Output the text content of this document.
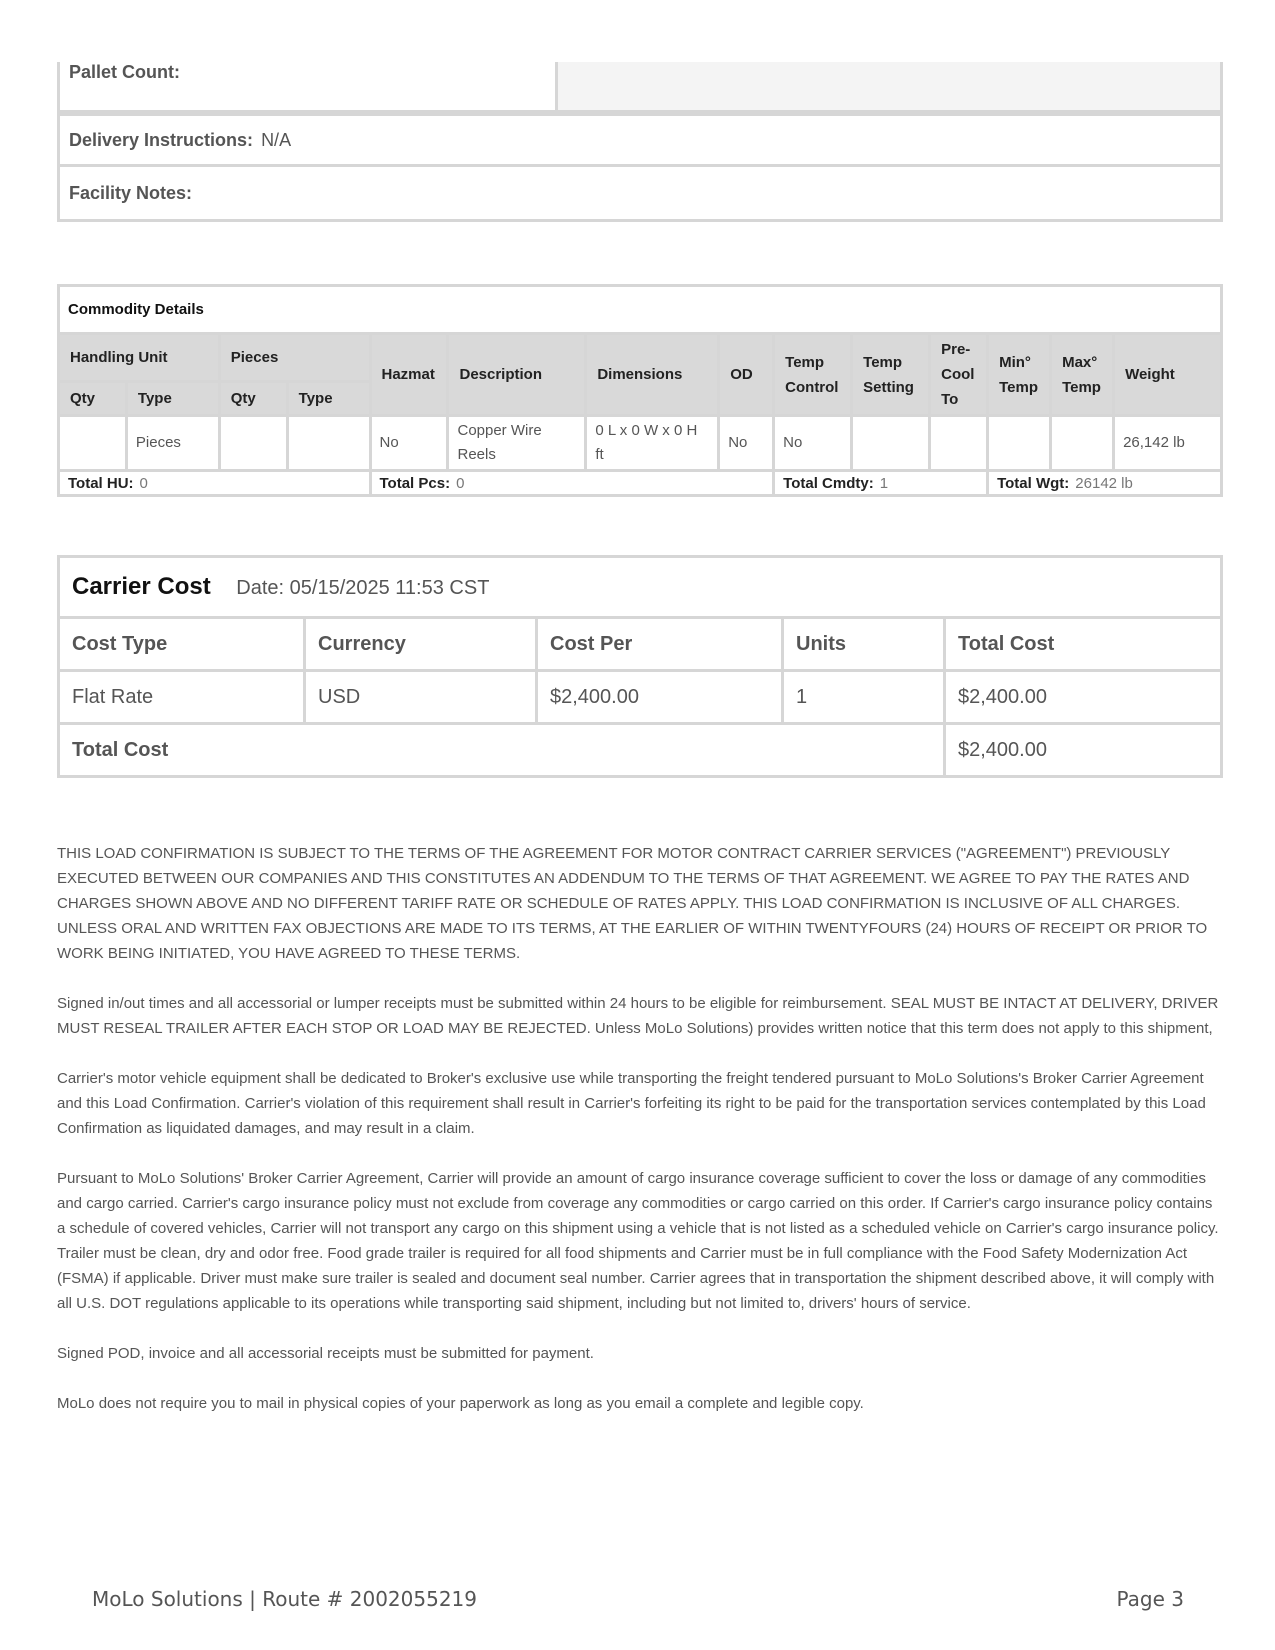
Pallet Count:
Delivery Instructions: N/A
Facility Notes:
Commodity Details													
Handling Unit		Pieces		Hazmat	Description	Dimensions	OD	Temp Control	Temp Setting	Pre-Cool To	Min° Temp	Max° Temp	Weight
Qty	Type	Qty	Type										
	Pieces			No	Copper Wire Reels	0 L x 0 W x 0 H ft	No	No					26,142 lb
Total HU: 0				Total Pcs: 0				Total Cmdty: 1			Total Wgt: 26142 lb		
Carrier Cost Date: 05/15/2025 11:53 CST				
Cost Type	Currency	Cost Per	Units	Total Cost
Flat Rate	USD	$2,400.00	1	$2,400.00
Total Cost				$2,400.00

THIS LOAD CONFIRMATION IS SUBJECT TO THE TERMS OF THE AGREEMENT FOR MOTOR CONTRACT CARRIER SERVICES ("AGREEMENT") PREVIOUSLY EXECUTED BETWEEN OUR COMPANIES AND THIS CONSTITUTES AN ADDENDUM TO THE TERMS OF THAT AGREEMENT. WE AGREE TO PAY THE RATES AND CHARGES SHOWN ABOVE AND NO DIFFERENT TARIFF RATE OR SCHEDULE OF RATES APPLY. THIS LOAD CONFIRMATION IS INCLUSIVE OF ALL CHARGES. UNLESS ORAL AND WRITTEN FAX OBJECTIONS ARE MADE TO ITS TERMS, AT THE EARLIER OF WITHIN TWENTYFOURS (24) HOURS OF RECEIPT OR PRIOR TO WORK BEING INITIATED, YOU HAVE AGREED TO THESE TERMS.

Signed in/out times and all accessorial or lumper receipts must be submitted within 24 hours to be eligible for reimbursement. SEAL MUST BE INTACT AT DELIVERY, DRIVER MUST RESEAL TRAILER AFTER EACH STOP OR LOAD MAY BE REJECTED. Unless MoLo Solutions) provides written notice that this term does not apply to this shipment,

Carrier's motor vehicle equipment shall be dedicated to Broker's exclusive use while transporting the freight tendered pursuant to MoLo Solutions's Broker Carrier Agreement and this Load Confirmation. Carrier's violation of this requirement shall result in Carrier's forfeiting its right to be paid for the transportation services contemplated by this Load Confirmation as liquidated damages, and may result in a claim.

Pursuant to MoLo Solutions' Broker Carrier Agreement, Carrier will provide an amount of cargo insurance coverage sufficient to cover the loss or damage of any commodities and cargo carried. Carrier's cargo insurance policy must not exclude from coverage any commodities or cargo carried on this order. If Carrier's cargo insurance policy contains a schedule of covered vehicles, Carrier will not transport any cargo on this shipment using a vehicle that is not listed as a scheduled vehicle on Carrier's cargo insurance policy. Trailer must be clean, dry and odor free. Food grade trailer is required for all food shipments and Carrier must be in full compliance with the Food Safety Modernization Act (FSMA) if applicable. Driver must make sure trailer is sealed and document seal number. Carrier agrees that in transportation the shipment described above, it will comply with all U.S. DOT regulations applicable to its operations while transporting said shipment, including but not limited to, drivers' hours of service.

Signed POD, invoice and all accessorial receipts must be submitted for payment.

MoLo does not require you to mail in physical copies of your paperwork as long as you email a complete and legible copy.

MoLo Solutions | Route # 2002055219	Page 3
